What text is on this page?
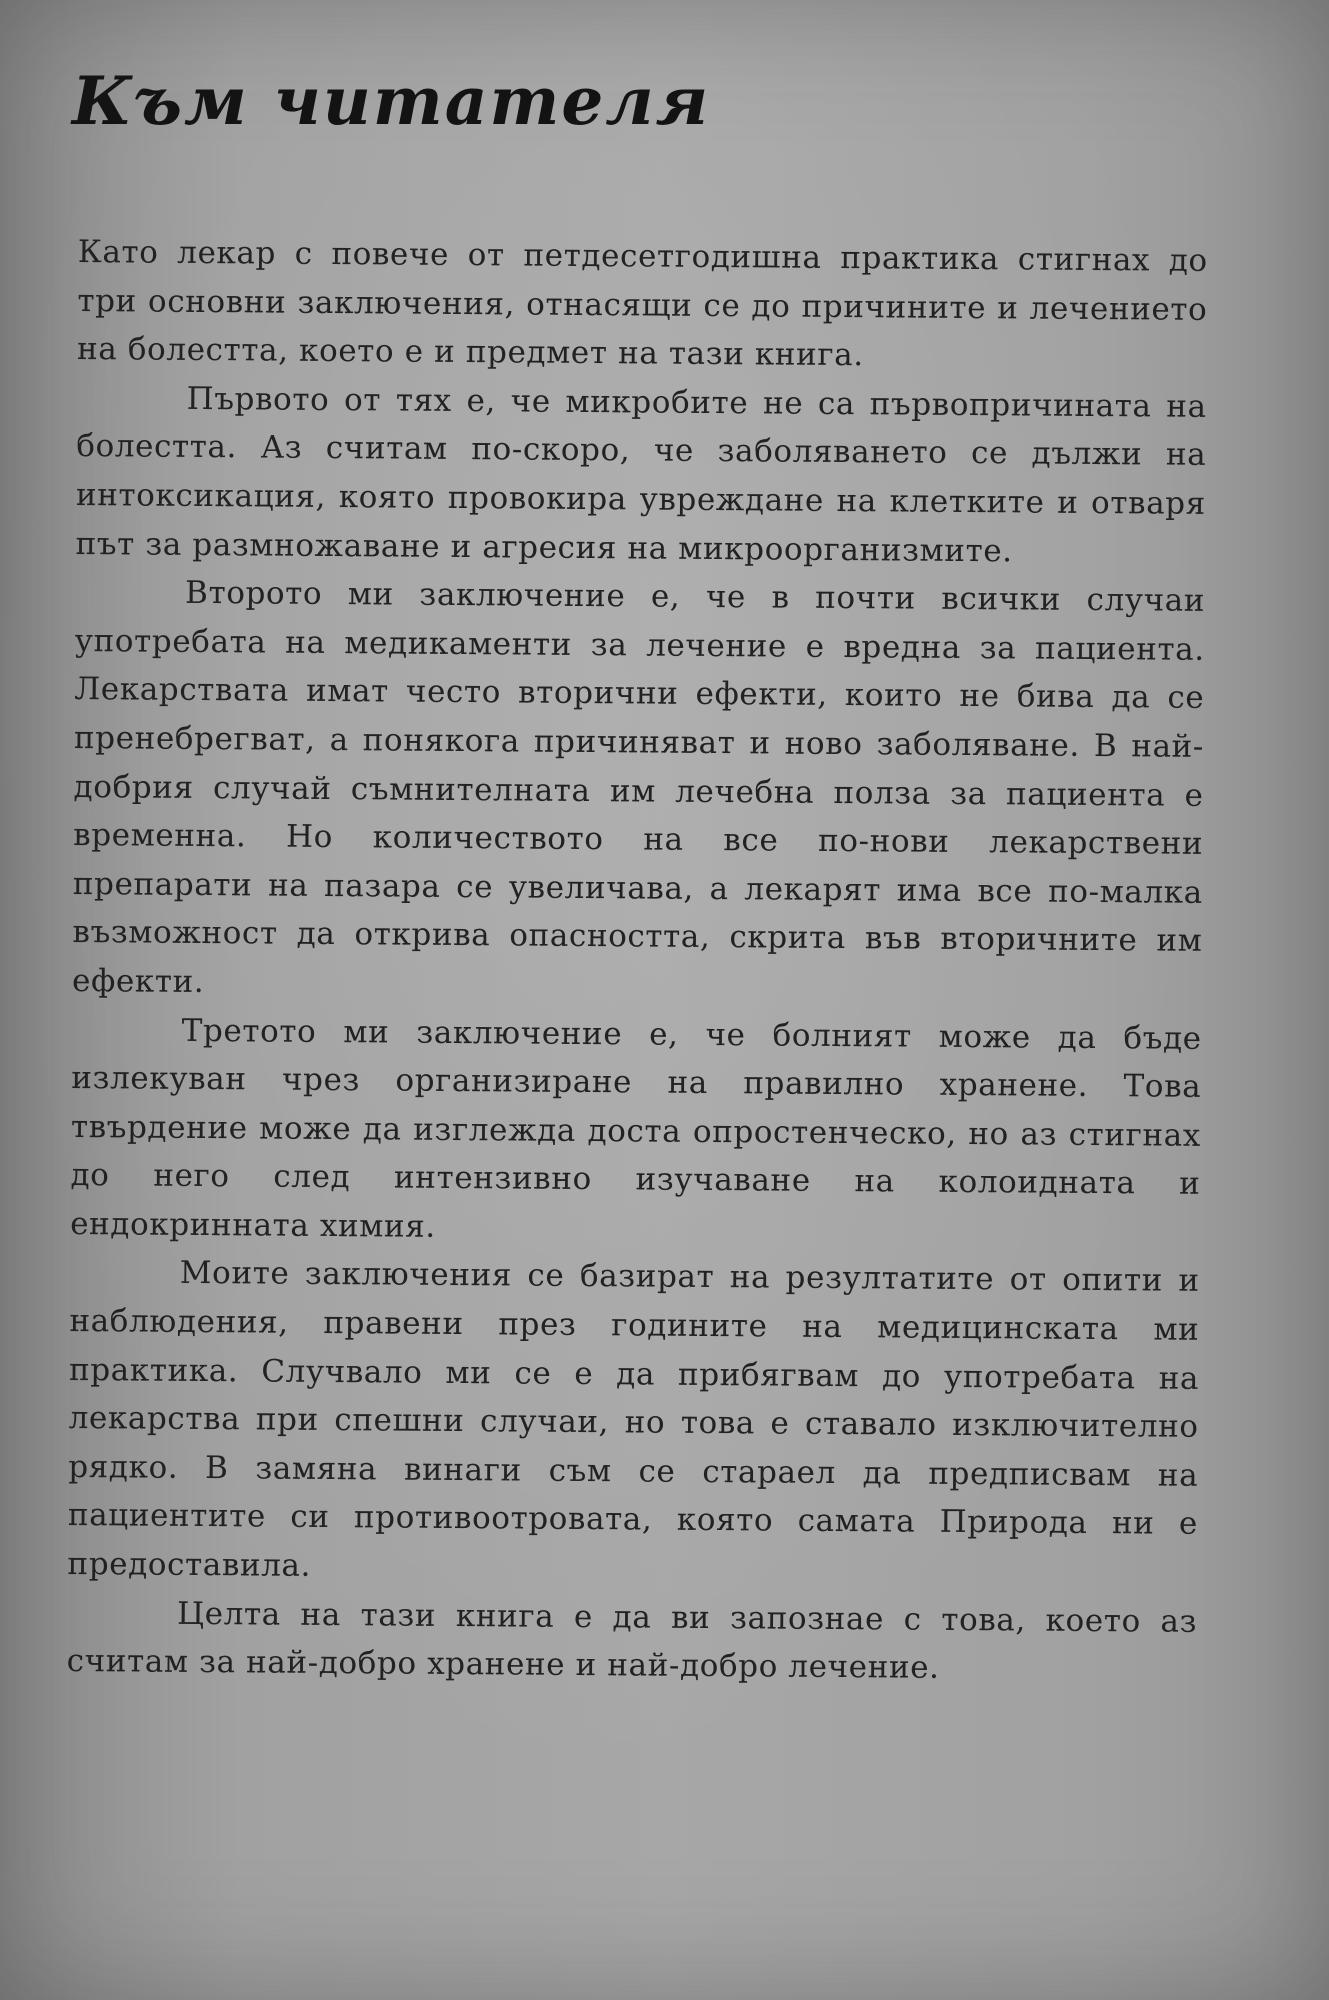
Към читателя

Като лекар с повече от петдесетгодишна практика стигнах до три основни заключения, отнасящи се до причините и лечението на болестта, което е и предмет на тази книга.

Първото от тях е, че микробите не са първопричината на болестта. Аз считам по-скоро, че заболяването се дължи на интоксикация, която провокира увреждане на клетките и отваря път за размножаване и агресия на микроорганизмите.

Второто ми заключение е, че в почти всички случаи употребата на медикаменти за лечение е вредна за пациента. Лекарствата имат често вторични ефекти, които не бива да се пренебрегват, а понякога причиняват и ново заболяване. В най-добрия случай съмнителната им лечебна полза за пациента е временна. Но количеството на все по-нови лекарствени препарати на пазара се увеличава, а лекарят има все по-малка възможност да открива опасността, скрита във вторичните им ефекти.

Третото ми заключение е, че болният може да бъде излекуван чрез организиране на правилно хранене. Това твърдение може да изглежда доста опростенческо, но аз стигнах до него след интензивно изучаване на колоидната и ендокринната химия.

Моите заключения се базират на резултатите от опити и наблюдения, правени през годините на медицинската ми практика. Случвало ми се е да прибягвам до употребата на лекарства при спешни случаи, но това е ставало изключително рядко. В замяна винаги съм се стараел да предписвам на пациентите си противоотровата, която самата Природа ни е предоставила.

Целта на тази книга е да ви запознае с това, което аз считам за най-добро хранене и най-добро лечение.
